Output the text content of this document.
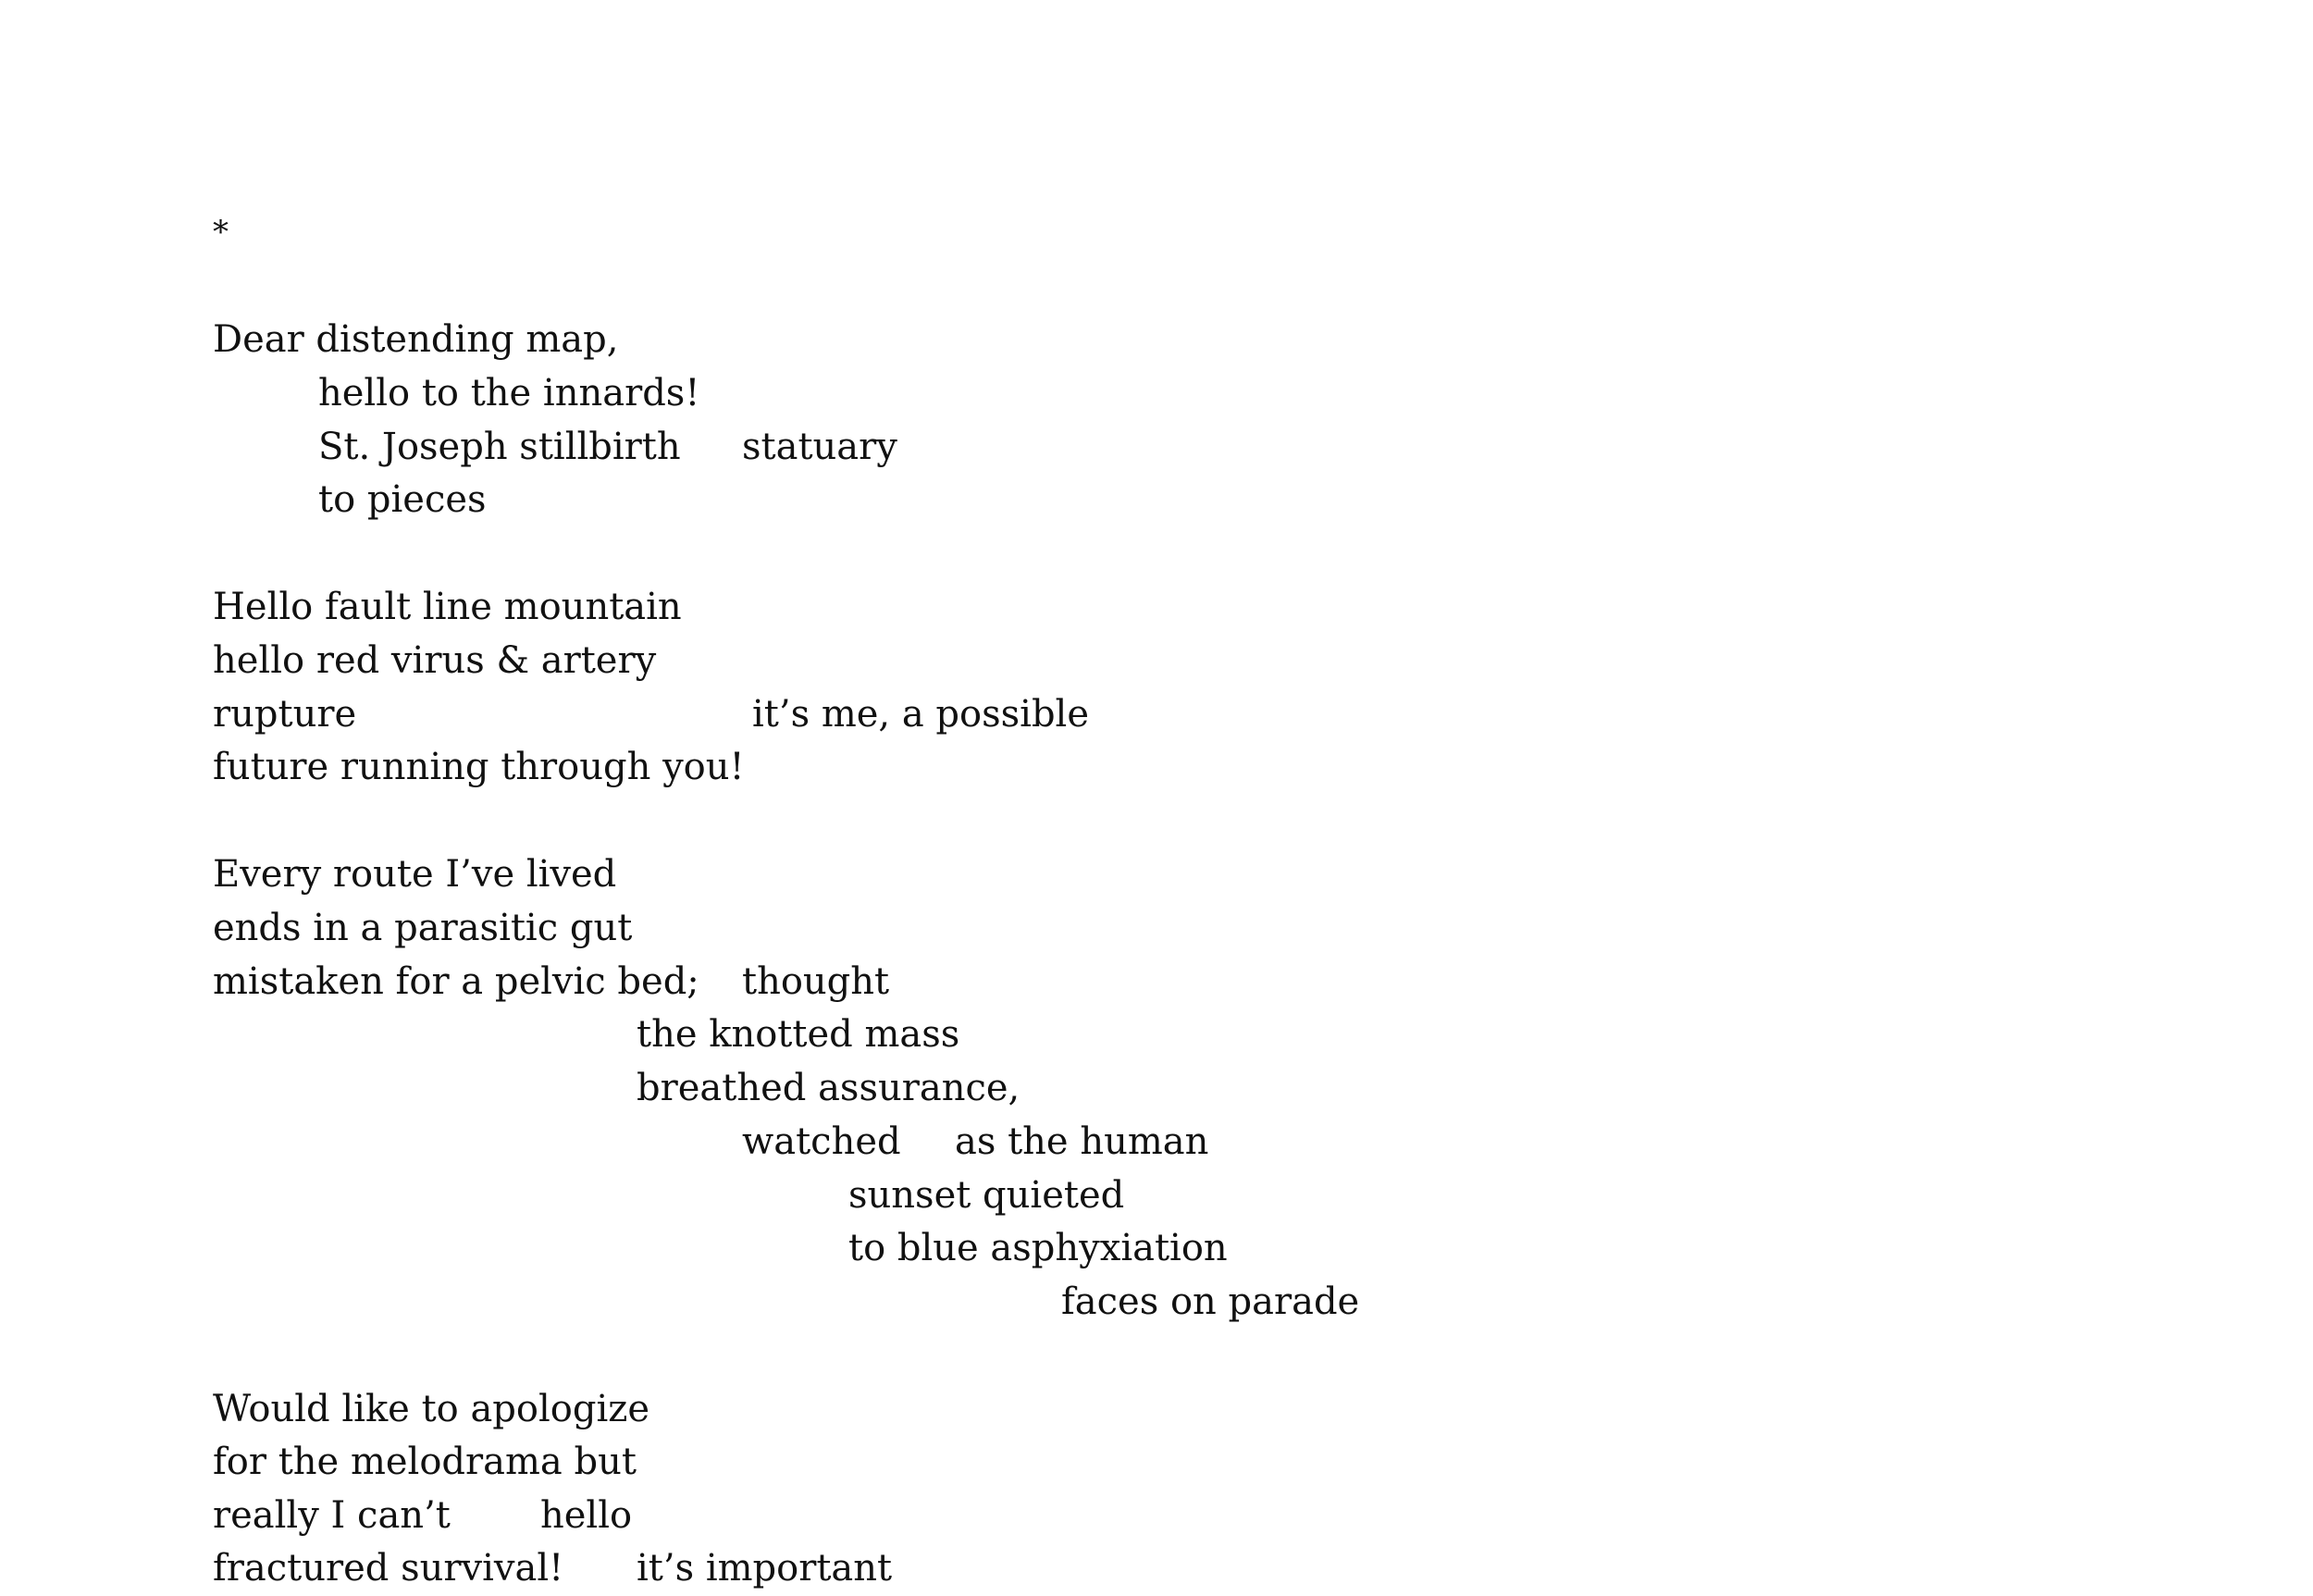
*
Dear distending map,
hello to the innards!
St. Joseph stillbirth statuary
to pieces
Hello fault line mountain
hello red virus & artery
rupture	it’s me, a possible
future running through you!
Every route I’ve lived
ends in a parasitic gut
mistaken for a pelvic bed; thought
the knotted mass
breathed assurance,
watched as the human
sunset quieted
to blue asphyxiation
faces on parade
Would like to apologize
for the melodrama but
really I can’t hello
fractured survival! it’s important
